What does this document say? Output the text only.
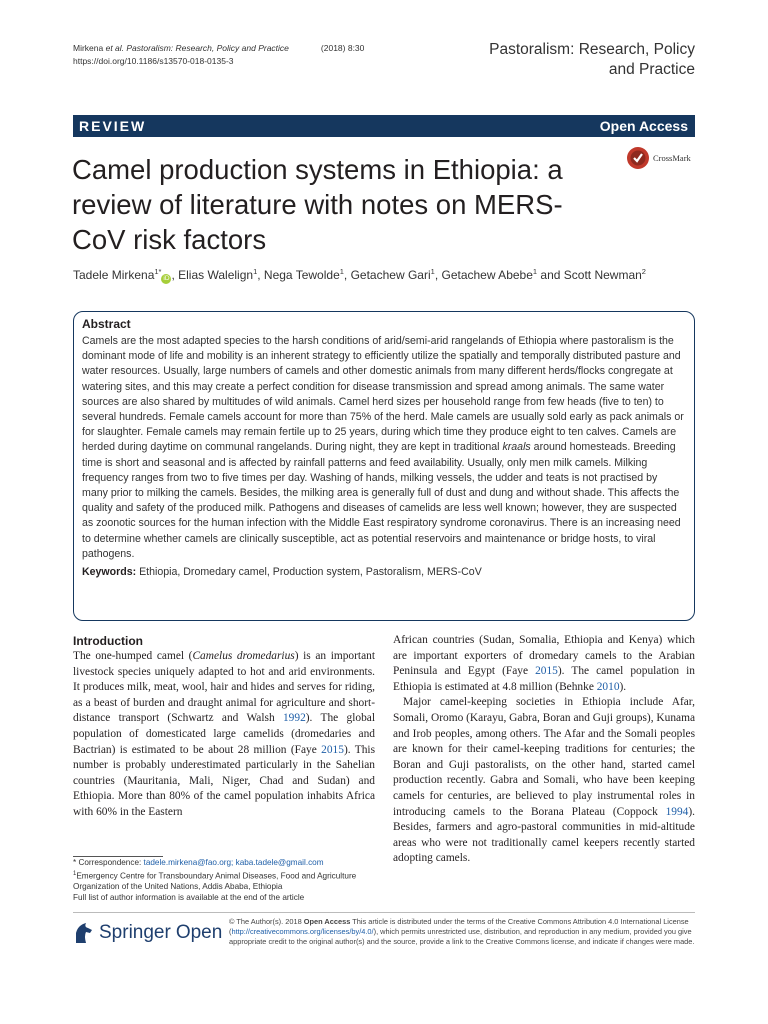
Mirkena et al. Pastoralism: Research, Policy and Practice	(2018) 8:30
https://doi.org/10.1186/s13570-018-0135-3
Pastoralism: Research, Policy
and Practice
REVIEW	Open Access
Camel production systems in Ethiopia: a review of literature with notes on MERS-CoV risk factors
CrossMark
Tadele Mirkena$^{1*}$iD , Elias Walelign$^1$, Nega Tewolde$^1$, Getachew Gari$^1$, Getachew Abebe$^1$ and Scott Newman$^2$
Abstract

Camels are the most adapted species to the harsh conditions of arid/semi-arid rangelands of Ethiopia where pastoralism is the dominant mode of life and mobility is an inherent strategy to efficiently utilize the spatially and temporally distributed pasture and water resources. Usually, large numbers of camels and other domestic animals from many different herds/flocks congregate at watering sites, and this may create a perfect condition for disease transmission and spread among animals. The same water sources are also shared by multitudes of wild animals. Camel herd sizes per household range from few heads (five to ten) to several hundreds. Female camels account for more than 75% of the herd. Male camels are usually sold early as pack animals or for slaughter. Female camels may remain fertile up to 25 years, during which time they produce eight to ten calves. Camels are herded during daytime on communal rangelands. During night, they are kept in traditional kraals around homesteads. Breeding time is short and seasonal and is affected by rainfall patterns and feed availability. Usually, only men milk camels. Milking frequency ranges from two to five times per day. Washing of hands, milking vessels, the udder and teats is not practised by many prior to milking the camels. Besides, the milking area is generally full of dust and dung and without shade. This affects the quality and safety of the produced milk. Pathogens and diseases of camelids are less well known; however, they are suspected as zoonotic sources for the human infection with the Middle East respiratory syndrome coronavirus. There is an increasing need to determine whether camels are clinically susceptible, act as potential reservoirs and maintenance or bridge hosts, to viral pathogens.

Keywords: Ethiopia, Dromedary camel, Production system, Pastoralism, MERS-CoV

Introduction

The one-humped camel (Camelus dromedarius) is an important livestock species uniquely adapted to hot and arid environments. It produces milk, meat, wool, hair and hides and serves for riding, as a beast of burden and draught animal for agriculture and short-distance transport (Schwartz and Walsh 1992). The global population of domesticated large camelids (dromedaries and Bactrian) is estimated to be about 28 million (Faye 2015). This number is probably underestimated particularly in the Sahelian countries (Mauritania, Mali, Niger, Chad and Sudan) and Ethiopia. More than 80% of the camel population inhabits Africa with 60% in the Eastern

African countries (Sudan, Somalia, Ethiopia and Kenya) which are important exporters of dromedary camels to the Arabian Peninsula and Egypt (Faye 2015). The camel population in Ethiopia is estimated at 4.8 million (Behnke 2010).

Major camel-keeping societies in Ethiopia include Afar, Somali, Oromo (Karayu, Gabra, Boran and Guji groups), Kunama and Irob peoples, among others. The Afar and the Somali peoples are known for their camel-keeping traditions for centuries; the Boran and Guji pastoralists, on the other hand, started camel production recently. Gabra and Somali, who have been keeping camels for centuries, are believed to play instrumental roles in introducing camels to the Borana Plateau (Coppock 1994). Besides, farmers and agro-pastoral communities in mid-altitude areas who were not traditionally camel keepers recently started adopting camels.

* Correspondence: tadele.mirkena@fao.org; kaba.tadele@gmail.com
$^1$Emergency Centre for Transboundary Animal Diseases, Food and Agriculture Organization of the United Nations, Addis Ababa, Ethiopia
Full list of author information is available at the end of the article
Springer Open
© The Author(s). 2018 Open Access This article is distributed under the terms of the Creative Commons Attribution 4.0 International License (http://creativecommons.org/licenses/by/4.0/), which permits unrestricted use, distribution, and reproduction in any medium, provided you give appropriate credit to the original author(s) and the source, provide a link to the Creative Commons license, and indicate if changes were made.
